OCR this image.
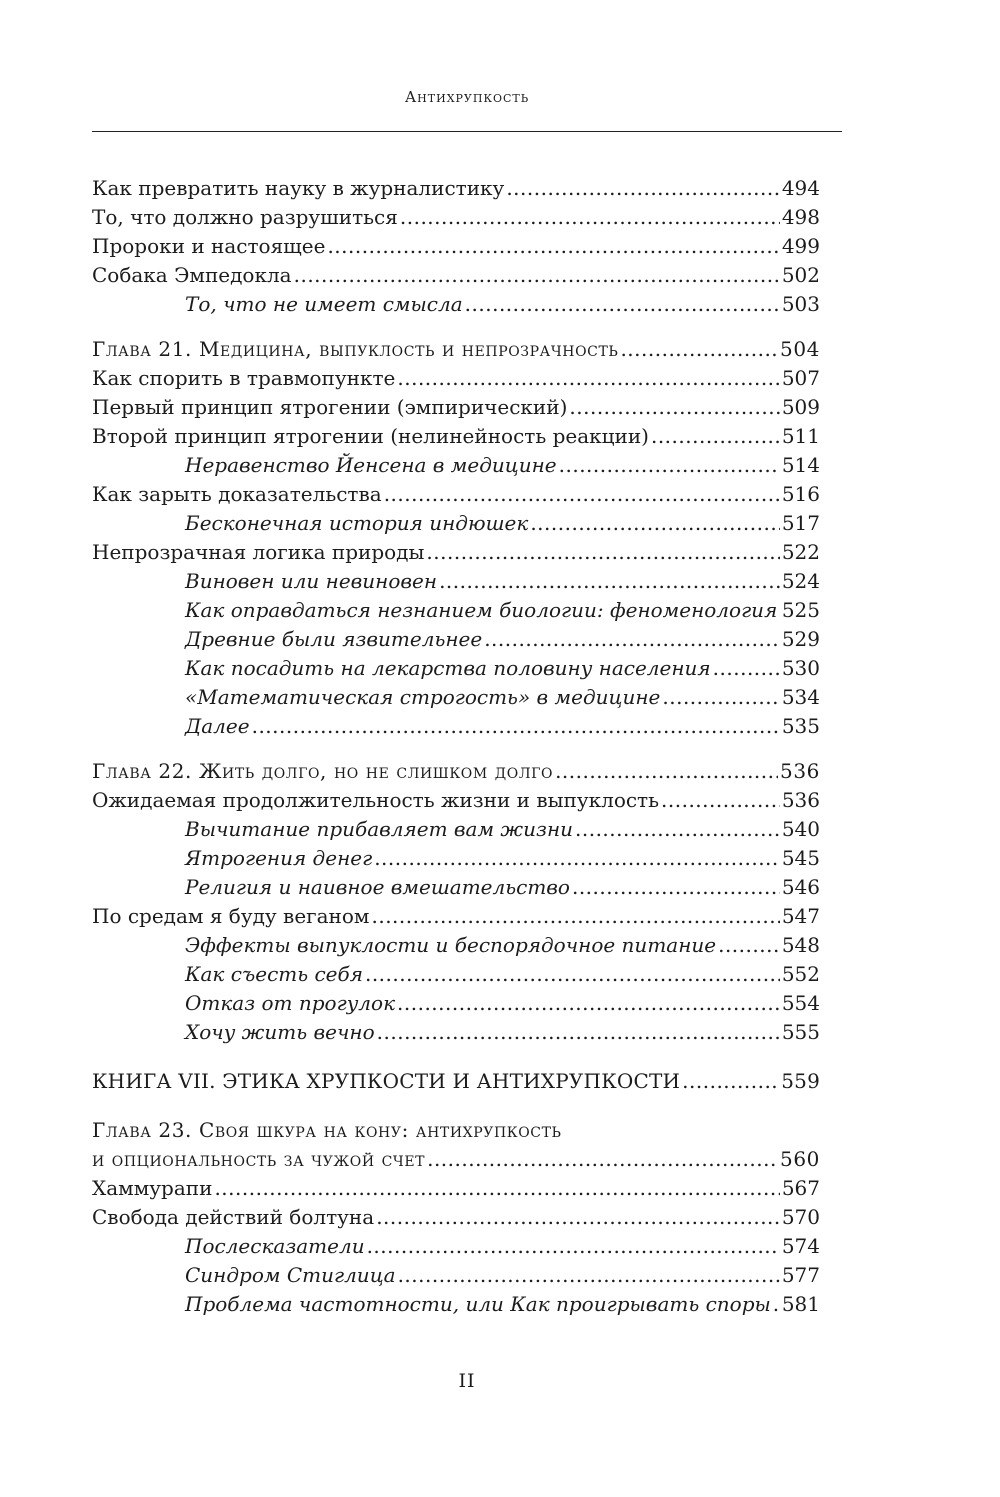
Антихрупкость
Как превратить науку в журналистику .....	494
То, что должно разрушиться .....	498
Пророки и настоящее .....	499
Собака Эмпедокла .....	502
То, что не имеет смысла .....	503
Глава 21. Медицина, выпуклость и непрозрачность .....	504
Как спорить в травмопункте .....	507
Первый принцип ятрогении (эмпирический) .....	509
Второй принцип ятрогении (нелинейность реакции) .....	511
Неравенство Йенсена в медицине .....	514
Как зарыть доказательства .....	516
Бесконечная история индюшек .....	517
Непрозрачная логика природы .....	522
Виновен или невиновен .....	524
Как оправдаться незнанием биологии: феноменология ..... 525
Древние были язвительнее .....	529
Как посадить на лекарства половину населения .....	530
«Математическая строгость» в медицине .....	534
Далее .....	535
Глава 22. Жить долго, но не слишком долго .....	536
Ожидаемая продолжительность жизни и выпуклость .....	536
Вычитание прибавляет вам жизни .....	540
Ятрогения денег .....	545
Религия и наивное вмешательство .....	546
По средам я буду веганом .....	547
Эффекты выпуклости и беспорядочное питание .....	548
Как съесть себя .....	552
Отказ от прогулок .....	554
Хочу жить вечно .....	555
КНИГА VII. ЭТИКА ХРУПКОСТИ И АНТИХРУПКОСТИ .....	559
Глава 23. Своя шкура на кону: антихрупкость
и опциональность за чужой счет .....	560
Хаммурапи .....	567
Свобода действий болтуна .....	570
Послесказатели .....	574
Синдром Стиглица .....	577
Проблема частотности, или Как проигрывать споры ..... 581
II
